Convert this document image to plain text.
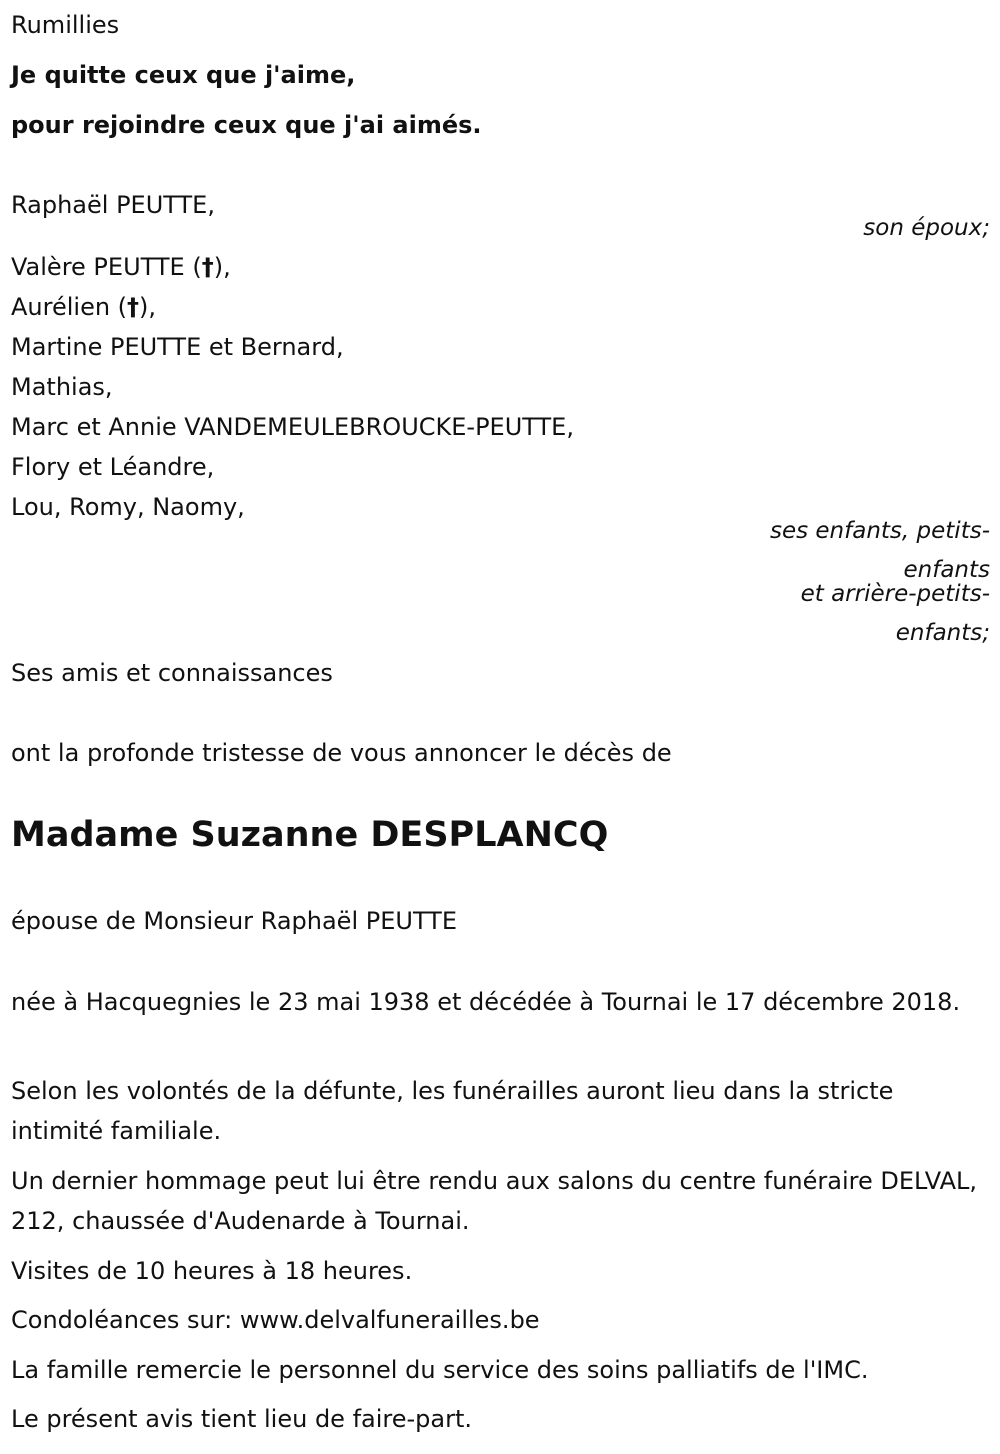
Rumillies
Je quitte ceux que j'aime,
pour rejoindre ceux que j'ai aimés.
Raphaël PEUTTE,
son époux;
Valère PEUTTE (†),
Aurélien (†),
Martine PEUTTE et Bernard,
Mathias,
Marc et Annie VANDEMEULEBROUCKE-PEUTTE,
Flory et Léandre,
Lou, Romy, Naomy,
ses enfants, petits-
enfants
et arrière-petits-
enfants;
Ses amis et connaissances
ont la profonde tristesse de vous annoncer le décès de
Madame Suzanne DESPLANCQ
épouse de Monsieur Raphaël PEUTTE
née à Hacquegnies le 23 mai 1938 et décédée à Tournai le 17 décembre 2018.
Selon les volontés de la défunte, les funérailles auront lieu dans la stricte intimité familiale.
Un dernier hommage peut lui être rendu aux salons du centre funéraire DELVAL, 212, chaussée d'Audenarde à Tournai.
Visites de 10 heures à 18 heures.
Condoléances sur: www.delvalfunerailles.be
La famille remercie le personnel du service des soins palliatifs de l'IMC.
Le présent avis tient lieu de faire-part.
